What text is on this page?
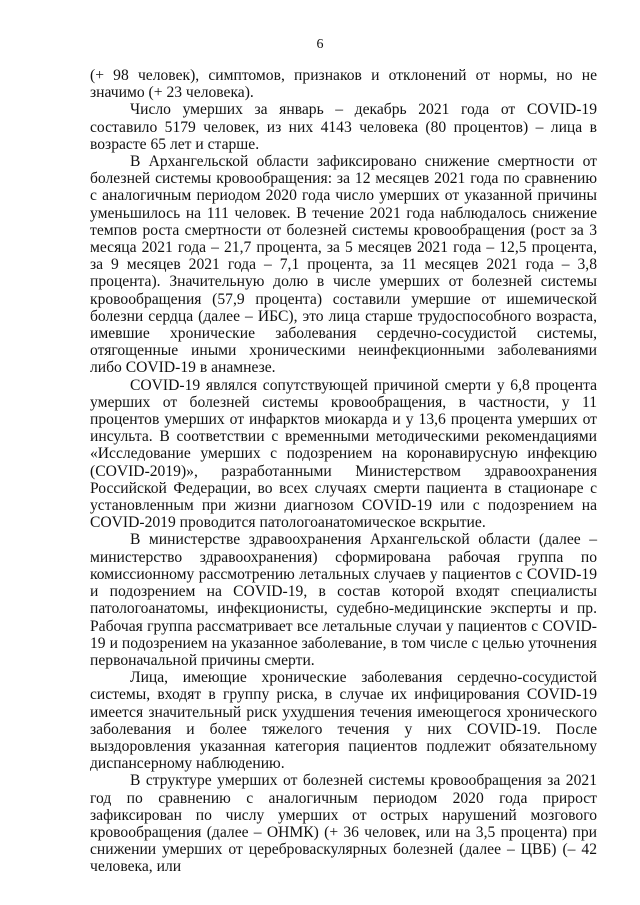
6

(+ 98 человек), симптомов, признаков и отклонений от нормы, но не значимо (+ 23 человека).

Число умерших за январь – декабрь 2021 года от COVID-19 составило 5179 человек, из них 4143 человека (80 процентов) – лица в возрасте 65 лет и старше.

В Архангельской области зафиксировано снижение смертности от болезней системы кровообращения: за 12 месяцев 2021 года по сравнению с аналогичным периодом 2020 года число умерших от указанной причины уменьшилось на 111 человек. В течение 2021 года наблюдалось снижение темпов роста смертности от болезней системы кровообращения (рост за 3 месяца 2021 года – 21,7 процента, за 5 месяцев 2021 года – 12,5 процента, за 9 месяцев 2021 года – 7,1 процента, за 11 месяцев 2021 года – 3,8 процента). Значительную долю в числе умерших от болезней системы кровообращения (57,9 процента) составили умершие от ишемической болезни сердца (далее – ИБС), это лица старше трудоспособного возраста, имевшие хронические заболевания сердечно-сосудистой системы, отягощенные иными хроническими неинфекционными заболеваниями либо COVID-19 в анамнезе.

COVID-19 являлся сопутствующей причиной смерти у 6,8 процента умерших от болезней системы кровообращения, в частности, у 11 процентов умерших от инфарктов миокарда и у 13,6 процента умерших от инсульта. В соответствии с временными методическими рекомендациями «Исследование умерших с подозрением на коронавирусную инфекцию (COVID-2019)», разработанными Министерством здравоохранения Российской Федерации, во всех случаях смерти пациента в стационаре с установленным при жизни диагнозом COVID-19 или с подозрением на COVID-2019 проводится патологоанатомическое вскрытие.

В министерстве здравоохранения Архангельской области (далее – министерство здравоохранения) сформирована рабочая группа по комиссионному рассмотрению летальных случаев у пациентов с COVID-19 и подозрением на COVID-19, в состав которой входят специалисты патологоанатомы, инфекционисты, судебно-медицинские эксперты и пр. Рабочая группа рассматривает все летальные случаи у пациентов с COVID-19 и подозрением на указанное заболевание, в том числе с целью уточнения первоначальной причины смерти.

Лица, имеющие хронические заболевания сердечно-сосудистой системы, входят в группу риска, в случае их инфицирования COVID-19 имеется значительный риск ухудшения течения имеющегося хронического заболевания и более тяжелого течения у них COVID-19. После выздоровления указанная категория пациентов подлежит обязательному диспансерному наблюдению.

В структуре умерших от болезней системы кровообращения за 2021 год по сравнению с аналогичным периодом 2020 года прирост зафиксирован по числу умерших от острых нарушений мозгового кровообращения (далее – ОНМК) (+ 36 человек, или на 3,5 процента) при снижении умерших от цереброваскулярных болезней (далее – ЦВБ) (– 42 человека, или
